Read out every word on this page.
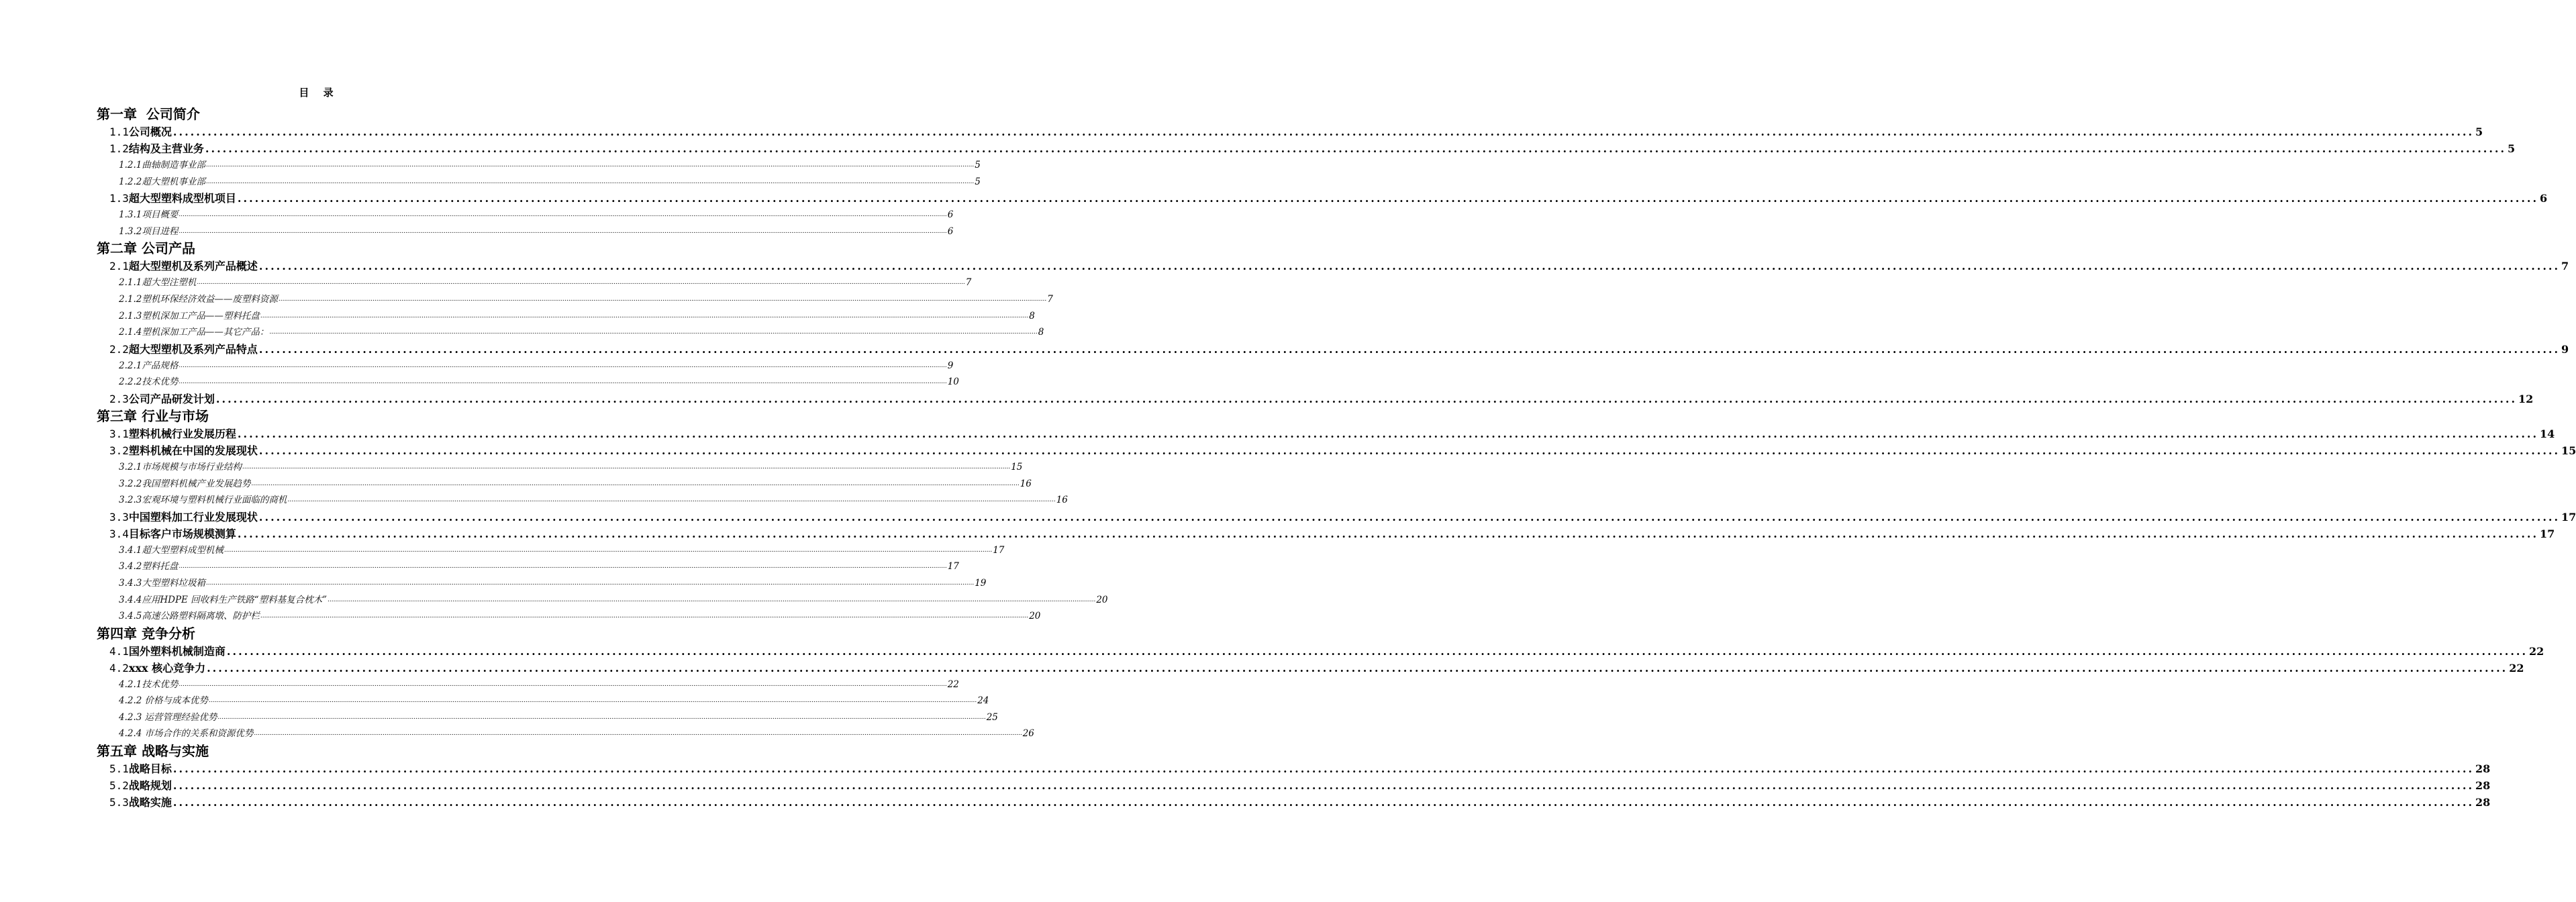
目 录
第一章  公司简介
1.1 公司概况 ................................................................................................................................................................................................................................................................................................................................................................................................................ 5
1.2 结构及主营业务 ................................................................................................................................................................................................................................................................................................................................................................................................................ 5
1.2.1 曲轴制造事业部 ................................................................................................................................................................................................................................................................................................................................................................................................................ 5
1.2.2 超大塑机事业部 ................................................................................................................................................................................................................................................................................................................................................................................................................ 5
1.3 超大型塑料成型机项目 ................................................................................................................................................................................................................................................................................................................................................................................................................ 6
1.3.1 项目概要 ................................................................................................................................................................................................................................................................................................................................................................................................................ 6
1.3.2 项目进程 ................................................................................................................................................................................................................................................................................................................................................................................................................ 6
第二章 公司产品
2.1 超大型塑机及系列产品概述 ................................................................................................................................................................................................................................................................................................................................................................................................................ 7
2.1.1 超大型注塑机 ................................................................................................................................................................................................................................................................................................................................................................................................................ 7
2.1.2 塑机环保经济效益——废塑料资源 ................................................................................................................................................................................................................................................................................................................................................................................................................ 7
2.1.3 塑机深加工产品——塑料托盘 ................................................................................................................................................................................................................................................................................................................................................................................................................ 8
2.1.4 塑机深加工产品——其它产品： ................................................................................................................................................................................................................................................................................................................................................................................................................ 8
2.2 超大型塑机及系列产品特点 ................................................................................................................................................................................................................................................................................................................................................................................................................ 9
2.2.1 产品规格 ................................................................................................................................................................................................................................................................................................................................................................................................................ 9
2.2.2 技术优势 ................................................................................................................................................................................................................................................................................................................................................................................................................ 10
2.3 公司产品研发计划 ................................................................................................................................................................................................................................................................................................................................................................................................................ 12
第三章 行业与市场
3.1 塑料机械行业发展历程 ................................................................................................................................................................................................................................................................................................................................................................................................................ 14
3.2 塑料机械在中国的发展现状 ................................................................................................................................................................................................................................................................................................................................................................................................................ 15
3.2.1 市场规模与市场行业结构 ................................................................................................................................................................................................................................................................................................................................................................................................................ 15
3.2.2 我国塑料机械产业发展趋势 ................................................................................................................................................................................................................................................................................................................................................................................................................ 16
3.2.3 宏观环境与塑料机械行业面临的商机 ................................................................................................................................................................................................................................................................................................................................................................................................................ 16
3.3 中国塑料加工行业发展现状 ................................................................................................................................................................................................................................................................................................................................................................................................................ 17
3.4 目标客户市场规模测算 ................................................................................................................................................................................................................................................................................................................................................................................................................ 17
3.4.1 超大型塑料成型机械 ................................................................................................................................................................................................................................................................................................................................................................................................................ 17
3.4.2 塑料托盘 ................................................................................................................................................................................................................................................................................................................................................................................................................ 17
3.4.3 大型塑料垃圾箱 ................................................................................................................................................................................................................................................................................................................................................................................................................ 19
3.4.4 应用HDPE 回收料生产铁路“塑料基复合枕木” ................................................................................................................................................................................................................................................................................................................................................................................................................ 20
3.4.5 高速公路塑料隔离墩、防护栏 ................................................................................................................................................................................................................................................................................................................................................................................................................ 20
第四章 竞争分析
4.1 国外塑料机械制造商 ................................................................................................................................................................................................................................................................................................................................................................................................................ 22
4.2 xxx 核心竞争力 ................................................................................................................................................................................................................................................................................................................................................................................................................ 22
4.2.1 技术优势 ................................................................................................................................................................................................................................................................................................................................................................................................................ 22
4.2.2 价格与成本优势 ................................................................................................................................................................................................................................................................................................................................................................................................................ 24
4.2.3 运营管理经验优势 ................................................................................................................................................................................................................................................................................................................................................................................................................ 25
4.2.4 市场合作的关系和资源优势 ................................................................................................................................................................................................................................................................................................................................................................................................................ 26
第五章 战略与实施
5.1 战略目标 ................................................................................................................................................................................................................................................................................................................................................................................................................ 28
5.2 战略规划 ................................................................................................................................................................................................................................................................................................................................................................................................................ 28
5.3 战略实施 ................................................................................................................................................................................................................................................................................................................................................................................................................ 28
